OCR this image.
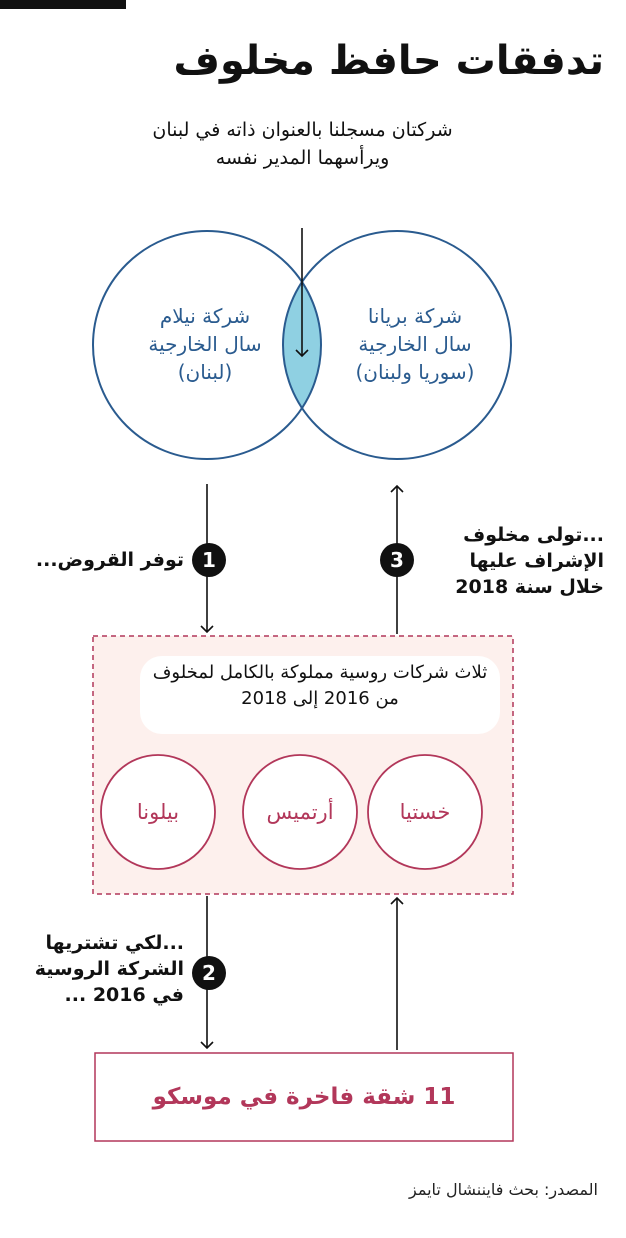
تدفقات حافظ مخلوف
شركتان مسجلنا بالعنوان ذاته في لبنان ويرأسهما المدير نفسه
شركة نيلام
سال الخارجية
(لبنان)
شركة بريانا
سال الخارجية
(سوريا ولبنان)
1
توفر القروض...	3
...تولى مخلوف
الإشراف عليها
خلال سنة 2018
ثلاث شركات روسية مملوكة بالكامل لمخلوف من 2016 إلى 2018
خستيا
أرتميس
بيلونا
2
...لكي تشتريها
الشركة الروسية
في 2016 ...
11 شقة فاخرة في موسكو
المصدر: بحث فايننشال تايمز
